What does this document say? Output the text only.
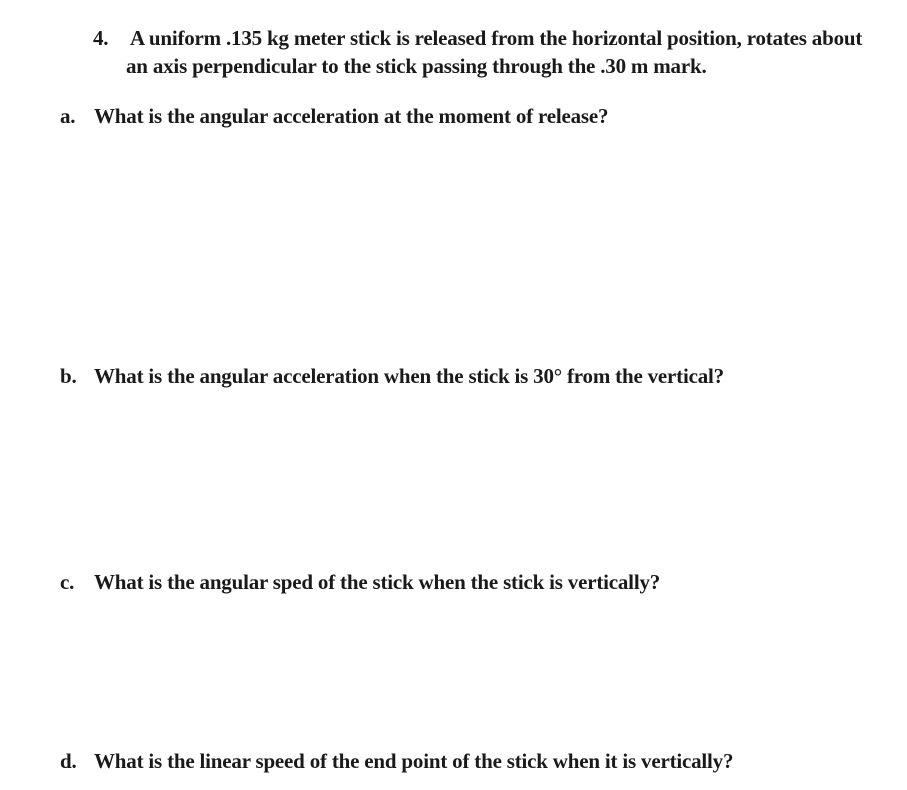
4. A uniform .135 kg meter stick is released from the horizontal position, rotates about
an axis perpendicular to the stick passing through the .30 m mark.
a. What is the angular acceleration at the moment of release?
b. What is the angular acceleration when the stick is 30° from the vertical?
c. What is the angular sped of the stick when the stick is vertically?
d. What is the linear speed of the end point of the stick when it is vertically?
